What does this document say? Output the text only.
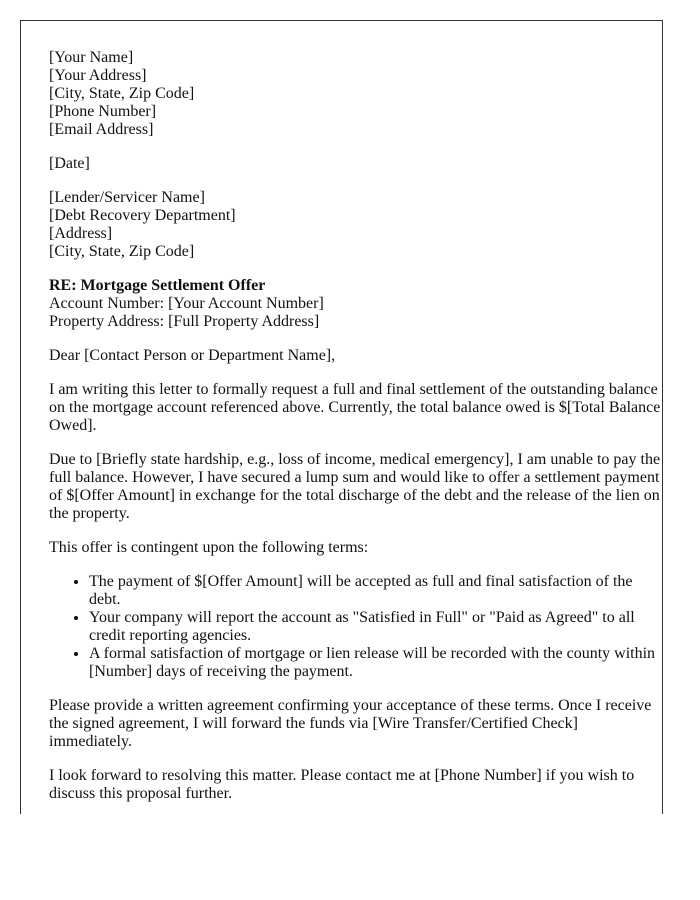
[Your Name]
[Your Address]
[City, State, Zip Code]
[Phone Number]
[Email Address]

[Date]

[Lender/Servicer Name]
[Debt Recovery Department]
[Address]
[City, State, Zip Code]

RE: Mortgage Settlement Offer
Account Number: [Your Account Number]
Property Address: [Full Property Address]

Dear [Contact Person or Department Name],

I am writing this letter to formally request a full and final settlement of the outstanding balance on the mortgage account referenced above. Currently, the total balance owed is $[Total Balance Owed].

Due to [Briefly state hardship, e.g., loss of income, medical emergency], I am unable to pay the full balance. However, I have secured a lump sum and would like to offer a settlement payment of $[Offer Amount] in exchange for the total discharge of the debt and the release of the lien on the property.

This offer is contingent upon the following terms:

• The payment of $[Offer Amount] will be accepted as full and final satisfaction of the debt.
• Your company will report the account as "Satisfied in Full" or "Paid as Agreed" to all credit reporting agencies.
• A formal satisfaction of mortgage or lien release will be recorded with the county within [Number] days of receiving the payment.

Please provide a written agreement confirming your acceptance of these terms. Once I receive the signed agreement, I will forward the funds via [Wire Transfer/Certified Check] immediately.

I look forward to resolving this matter. Please contact me at [Phone Number] if you wish to discuss this proposal further.
